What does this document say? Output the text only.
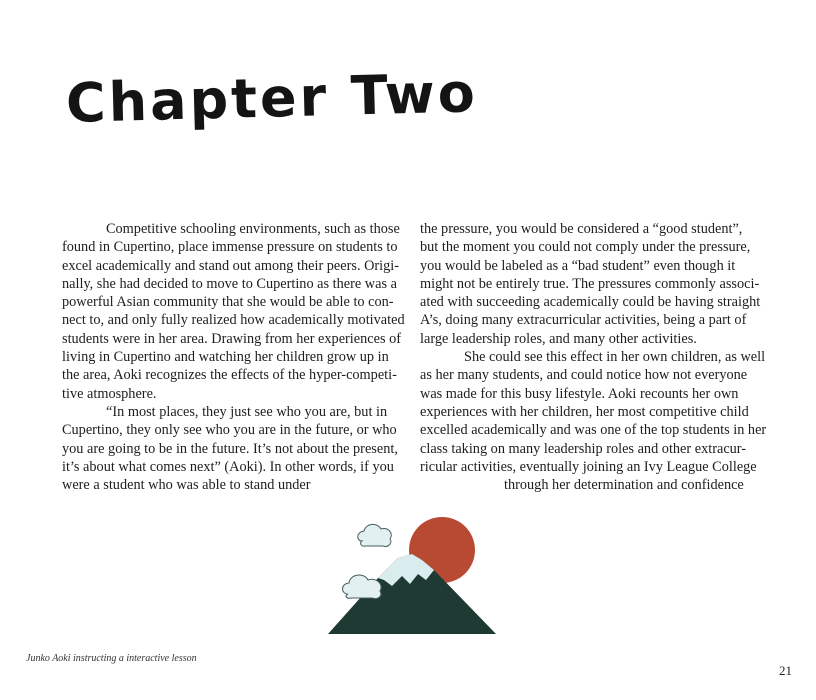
Chapter Two
Competitive schooling environments, such as those
found in Cupertino, place immense pressure on students to
excel academically and stand out among their peers. Origi-
nally, she had decided to move to Cupertino as there was a
powerful Asian community that she would be able to con-
nect to, and only fully realized how academically motivated
students were in her area. Drawing from her experiences of
living in Cupertino and watching her children grow up in
the area, Aoki recognizes the effects of the hyper-competi-
tive atmosphere.
“In most places, they just see who you are, but in
Cupertino, they only see who you are in the future, or who
you are going to be in the future. It’s not about the present,
it’s about what comes next” (Aoki). In other words, if you
were a student who was able to stand under
the pressure, you would be considered a “good student”,
but the moment you could not comply under the pressure,
you would be labeled as a “bad student” even though it
might not be entirely true. The pressures commonly associ-
ated with succeeding academically could be having straight
A’s, doing many extracurricular activities, being a part of
large leadership roles, and many other activities.
She could see this effect in her own children, as well
as her many students, and could notice how not everyone
was made for this busy lifestyle. Aoki recounts her own
experiences with her children, her most competitive child
excelled academically and was one of the top students in her
class taking on many leadership roles and other extracur-
ricular activities, eventually joining an Ivy League College
through her determination and confidence

Junko Aoki instructing a interactive lesson

21
